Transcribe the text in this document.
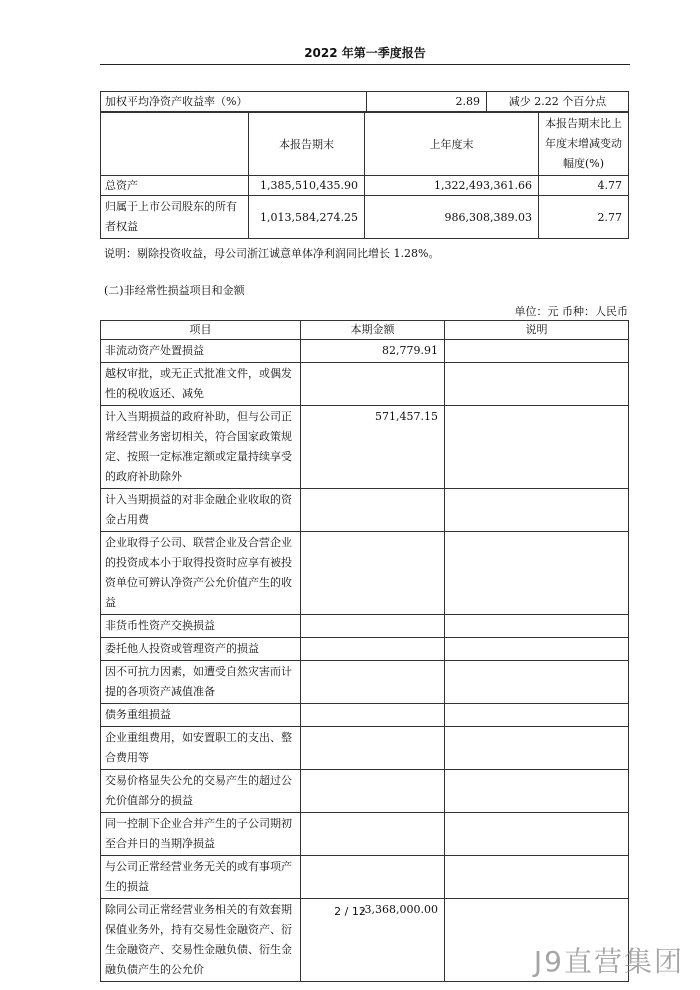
2022 年第一季度报告
加权平均净资产收益率（%）	2.89	减少 2.22 个百分点
	本报告期末	上年度末	本报告期末比上年度末增减变动幅度(%)
总资产	1,385,510,435.90	1,322,493,361.66	4.77
归属于上市公司股东的所有者权益	1,013,584,274.25	986,308,389.03	2.77
说明：剔除投资收益，母公司浙江诚意单体净利润同比增长 1.28%。
(二)非经常性损益项目和金额
单位：元 币种：人民币
项目	本期金额	说明
非流动资产处置损益	82,779.91	
越权审批，或无正式批准文件，或偶发性的税收返还、减免		
计入当期损益的政府补助，但与公司正常经营业务密切相关，符合国家政策规定、按照一定标准定额或定量持续享受的政府补助除外	571,457.15	
计入当期损益的对非金融企业收取的资金占用费		
企业取得子公司、联营企业及合营企业的投资成本小于取得投资时应享有被投资单位可辨认净资产公允价值产生的收益		
非货币性资产交换损益		
委托他人投资或管理资产的损益		
因不可抗力因素，如遭受自然灾害而计提的各项资产减值准备		
债务重组损益		
企业重组费用，如安置职工的支出、整合费用等		
交易价格显失公允的交易产生的超过公允价值部分的损益		
同一控制下企业合并产生的子公司期初至合并日的当期净损益		
与公司正常经营业务无关的或有事项产生的损益		
除同公司正常经营业务相关的有效套期保值业务外，持有交易性金融资产、衍生金融资产、交易性金融负债、衍生金融负债产生的公允价	-3,368,000.00	
2 / 12
J9直营集团
